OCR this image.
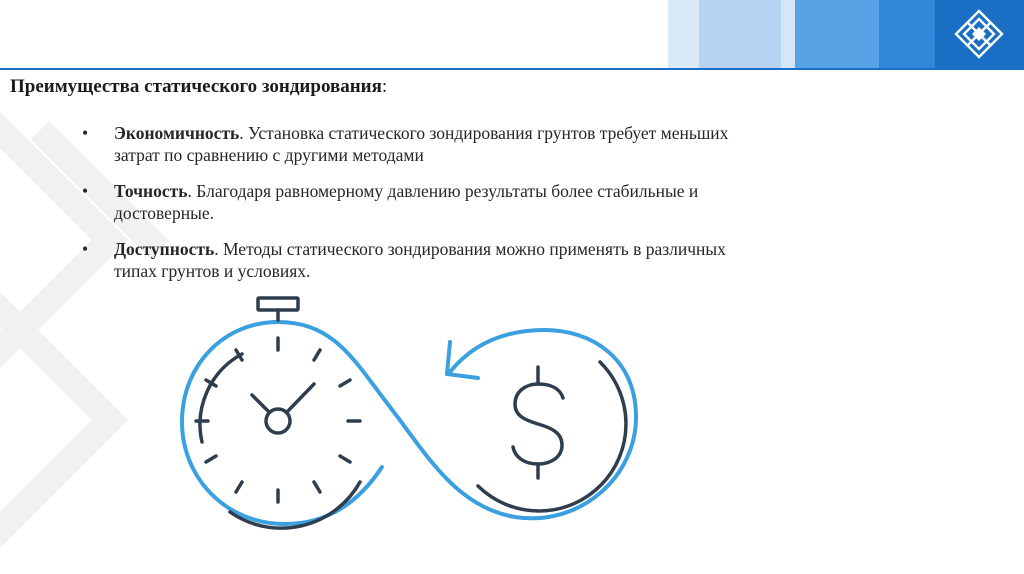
Преимущества статического зондирования:
• Экономичность. Установка статического зондирования грунтов требует меньших затрат по сравнению с другими методами
• Точность. Благодаря равномерному давлению результаты более стабильные и достоверные.
• Доступность. Методы статического зондирования можно применять в различных типах грунтов и условиях.
